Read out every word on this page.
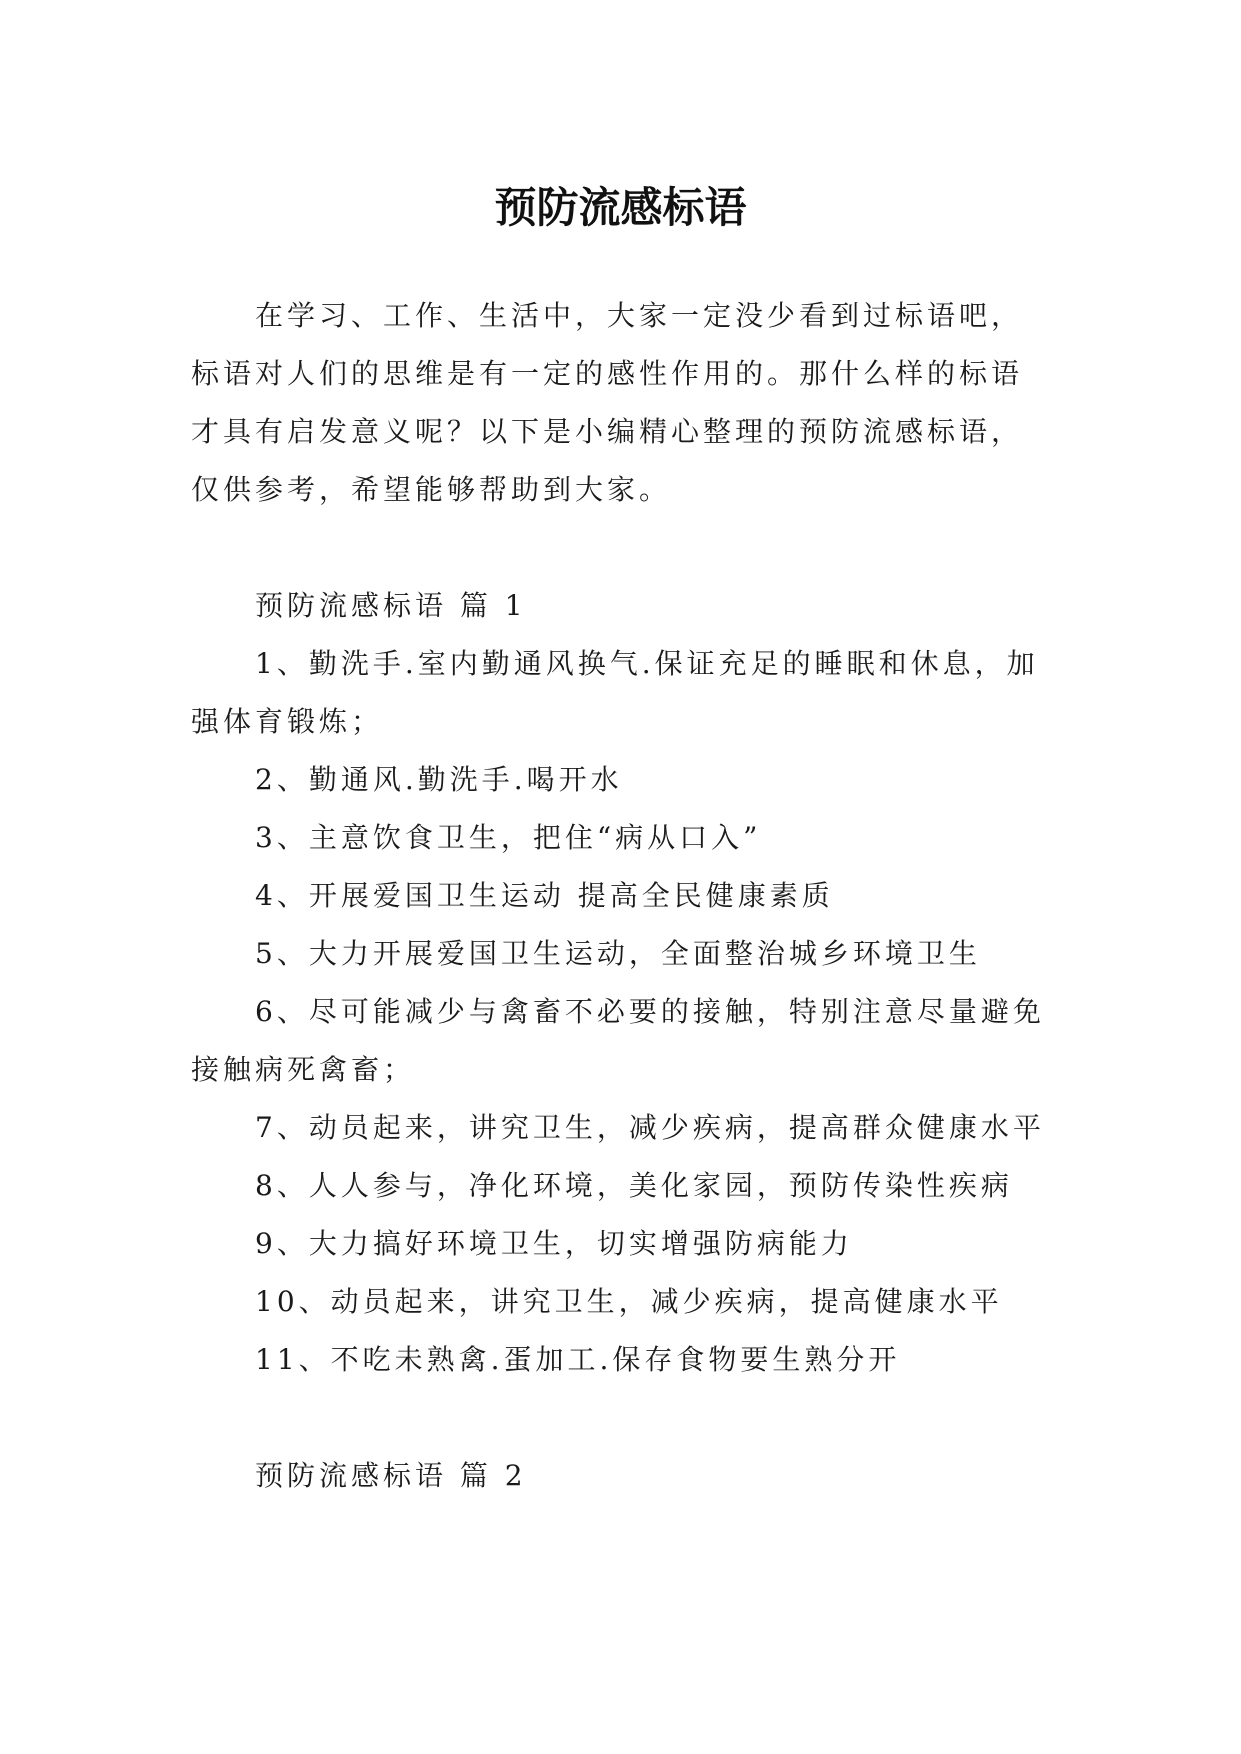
预防流感标语

在学习、工作、生活中，大家一定没少看到过标语吧，标语对人们的思维是有一定的感性作用的。那什么样的标语才具有启发意义呢？以下是小编精心整理的预防流感标语，仅供参考，希望能够帮助到大家。

预防流感标语 篇 1

1、勤洗手.室内勤通风换气.保证充足的睡眠和休息，加强体育锻炼；
2、勤通风.勤洗手.喝开水
3、主意饮食卫生，把住“病从口入”
4、开展爱国卫生运动 提高全民健康素质
5、大力开展爱国卫生运动，全面整治城乡环境卫生
6、尽可能减少与禽畜不必要的接触，特别注意尽量避免接触病死禽畜；
7、动员起来，讲究卫生，减少疾病，提高群众健康水平
8、人人参与，净化环境，美化家园，预防传染性疾病
9、大力搞好环境卫生，切实增强防病能力
10、动员起来，讲究卫生，减少疾病，提高健康水平
11、不吃未熟禽.蛋加工.保存食物要生熟分开

预防流感标语 篇 2
